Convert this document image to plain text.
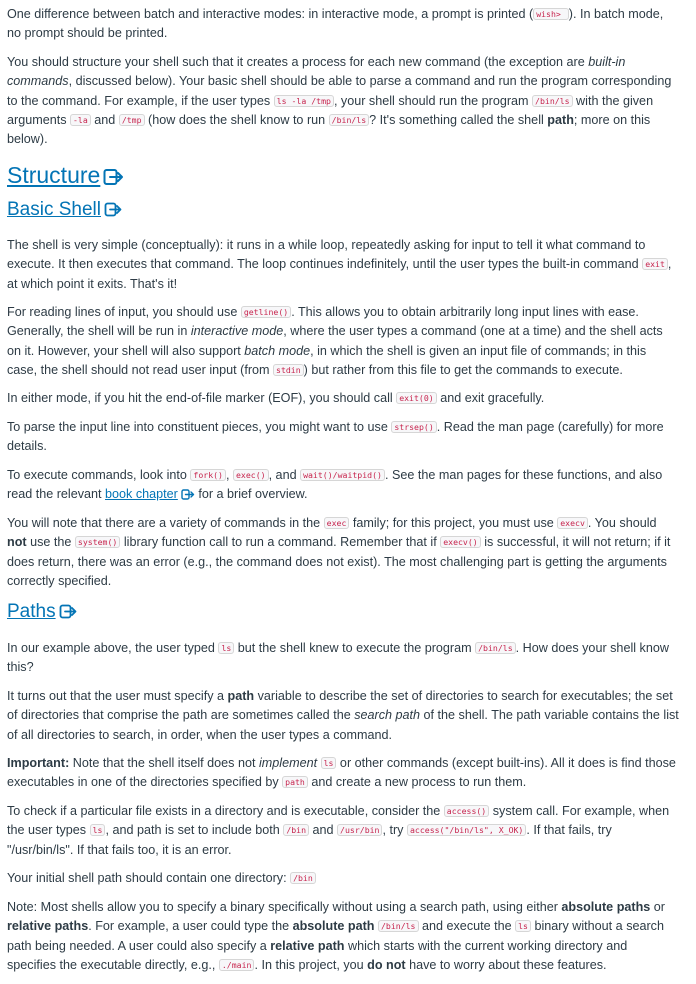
One difference between batch and interactive modes: in interactive mode, a prompt is printed ( wish> ). In batch mode, no prompt should be printed.

You should structure your shell such that it creates a process for each new command (the exception are built-in commands, discussed below). Your basic shell should be able to parse a command and run the program corresponding to the command. For example, if the user types ls -la /tmp , your shell should run the program /bin/ls with the given arguments -la and /tmp (how does the shell know to run /bin/ls ? It's something called the shell path; more on this below).

Structure
Basic Shell

The shell is very simple (conceptually): it runs in a while loop, repeatedly asking for input to tell it what command to execute. It then executes that command. The loop continues indefinitely, until the user types the built-in command exit , at which point it exits. That's it!

For reading lines of input, you should use getline() . This allows you to obtain arbitrarily long input lines with ease. Generally, the shell will be run in interactive mode, where the user types a command (one at a time) and the shell acts on it. However, your shell will also support batch mode, in which the shell is given an input file of commands; in this case, the shell should not read user input (from stdin ) but rather from this file to get the commands to execute.

In either mode, if you hit the end-of-file marker (EOF), you should call exit(0) and exit gracefully.

To parse the input line into constituent pieces, you might want to use strsep() . Read the man page (carefully) for more details.

To execute commands, look into fork() , exec() , and wait()/waitpid() . See the man pages for these functions, and also read the relevant book chapter
for a brief overview.

You will note that there are a variety of commands in the exec family; for this project, you must use execv . You should not use the system() library function call to run a command. Remember that if execv() is successful, it will not return; if it does return, there was an error (e.g., the command does not exist). The most challenging part is getting the arguments correctly specified.

Paths

In our example above, the user typed ls but the shell knew to execute the program /bin/ls . How does your shell know this?

It turns out that the user must specify a path variable to describe the set of directories to search for executables; the set of directories that comprise the path are sometimes called the search path of the shell. The path variable contains the list of all directories to search, in order, when the user types a command.

Important: Note that the shell itself does not implement ls or other commands (except built-ins). All it does is find those executables in one of the directories specified by path and create a new process to run them.

To check if a particular file exists in a directory and is executable, consider the access() system call. For example, when the user types ls , and path is set to include both /bin and /usr/bin , try access("/bin/ls", X_OK) . If that fails, try "/usr/bin/ls". If that fails too, it is an error.

Your initial shell path should contain one directory: /bin

Note: Most shells allow you to specify a binary specifically without using a search path, using either absolute paths or relative paths. For example, a user could type the absolute path /bin/ls and execute the ls binary without a search path being needed. A user could also specify a relative path which starts with the current working directory and specifies the executable directly, e.g., ./main . In this project, you do not have to worry about these features.
